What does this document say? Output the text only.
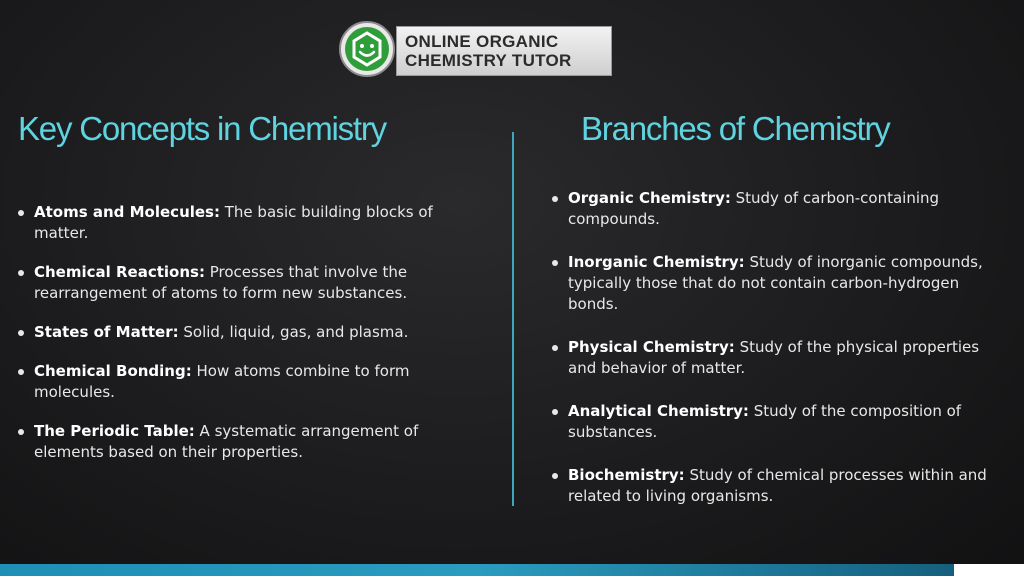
ONLINE ORGANIC
CHEMISTRY TUTOR
Key Concepts in Chemistry	Branches of Chemistry
Atoms and Molecules: The basic building blocks of matter.
Chemical Reactions: Processes that involve the rearrangement of atoms to form new substances.
States of Matter: Solid, liquid, gas, and plasma.
Chemical Bonding: How atoms combine to form molecules.
The Periodic Table: A systematic arrangement of elements based on their properties.
Organic Chemistry: Study of carbon-containing compounds.
Inorganic Chemistry: Study of inorganic compounds, typically those that do not contain carbon-hydrogen bonds.
Physical Chemistry: Study of the physical properties and behavior of matter.
Analytical Chemistry: Study of the composition of substances.
Biochemistry: Study of chemical processes within and related to living organisms.
